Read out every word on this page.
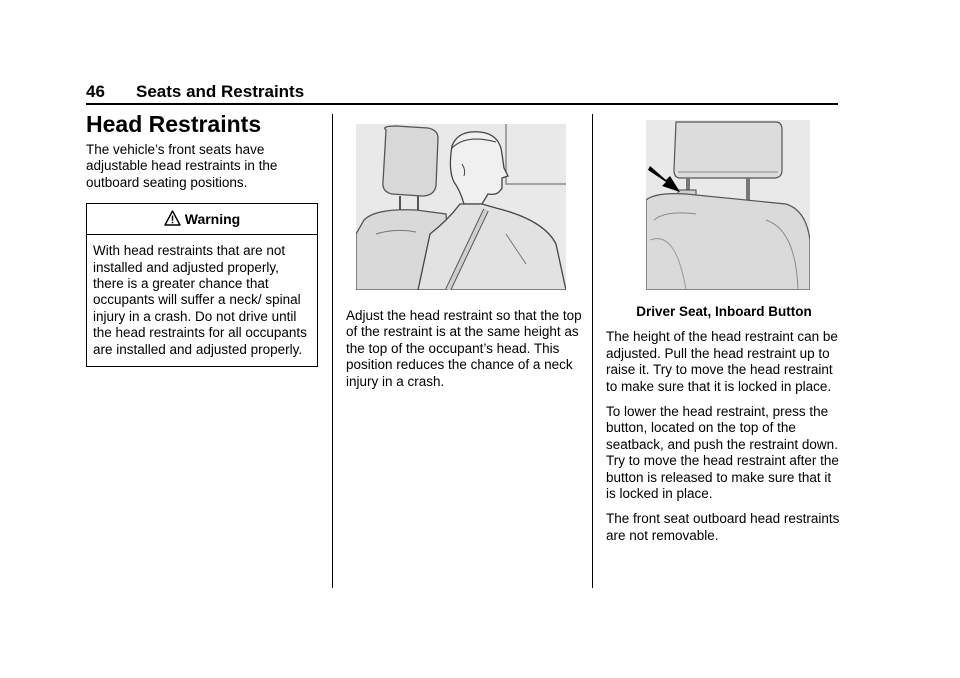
46 Seats and Restraints
Head Restraints

The vehicle’s front seats have adjustable head restraints in the outboard seating positions.

Warning

With head restraints that are not installed and adjusted properly, there is a greater chance that occupants will suffer a neck/ spinal injury in a crash. Do not drive until the head restraints for all occupants are installed and adjusted properly.

Adjust the head restraint so that the top of the restraint is at the same height as the top of the occupant’s head. This position reduces the chance of a neck injury in a crash.

Driver Seat, Inboard Button

The height of the head restraint can be adjusted. Pull the head restraint up to raise it. Try to move the head restraint to make sure that it is locked in place.

To lower the head restraint, press the button, located on the top of the seatback, and push the restraint down. Try to move the head restraint after the button is released to make sure that it is locked in place.

The front seat outboard head restraints are not removable.
